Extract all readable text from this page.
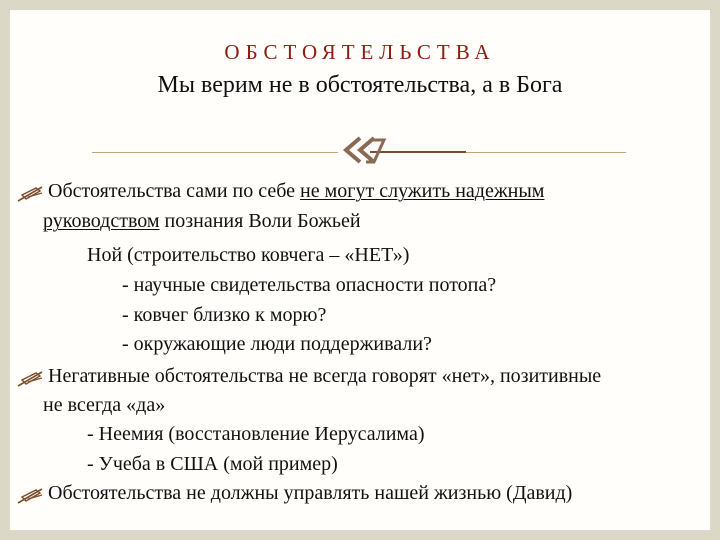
ОБСТОЯТЕЛЬСТВА
Мы верим не в обстоятельства, а в Бога
Обстоятельства сами по себе не могут служить надежным
руководством познания Воли Божьей
Ной (строительство ковчега – «НЕТ»)
- научные свидетельства опасности потопа?
- ковчег близко к морю?
- окружающие люди поддерживали?
Негативные обстоятельства не всегда говорят «нет», позитивные
не всегда «да»
- Неемия (восстановление Иерусалима)
- Учеба в США (мой пример)
Обстоятельства не должны управлять нашей жизнью (Давид)
